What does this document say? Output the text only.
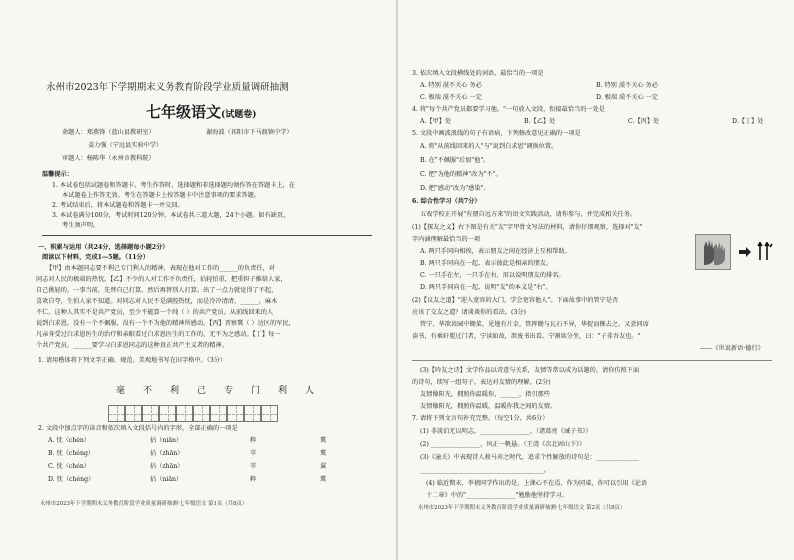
永州市2023年下学期期末义务教育阶段学业质量调研抽测
七年级语文(试题卷)
命题人：郑燕锋（蓝山县教研室）	谢海波（祁阳市下马渡镇中学）
姜力强（宁远县实验中学）
审题人：杨陈华（永州市教科院）
温馨提示：
1. 本试卷包括试题卷和答题卡。考生作答时，选择题和非选择题均须作答在答题卡上，在
本试题卷上作答无效。考生在答题卡上按答题卡中注意事项的要求答题。
2. 考试结束后，将本试题卷和答题卡一并交回。
3. 本试卷满分100分，考试时间120分钟。本试卷共三道大题，24个小题。如有缺页，
考生须声明。
一、积累与运用（共24分，选择题每小题2分）
阅读以下材料，完成1—5题。（11分）
【甲】由本题同志要不利己专门利人的精神，表现在他对工作的______的负责任，对
同志对人民的极端的热忱。【乙】不少的人对工作不负责任，拈轻怕重，把重担子推给人家，
自己挑轻的。一事当前，先替自己打算，然后再替别人打算。出了一点力就觉得了不起，
喜欢自夸，生怕人家不知道。对同志对人民不是满腔热忱，而是冷冷清清，______，麻木
不仁。这种人其实不是共产党员，至少不能算一个纯（ ）的共产党员。从前线回来的人
说到白求恩，没有一个不佩服，没有一个不为他的精神所感动。【丙】晋察冀（ ）边区的军民，
凡亲身受过白求恩医生的治疗和亲眼看过白求恩医生的工作的，无不为之感动。【丁】每一
个共产党员，______要学习白求恩同志的这种真正共产主义者的精神。
1. 请用楷体将下列文字正确、规范、美观地书写在田字格中。（3分）
毫不利己专门利人
2. 文段中加点字的读音和依次填入文段括号内的字形，全部正确的一项是
A. 忱（chén）	拈（niān）	粹	冀
B. 忱（chéng）	拈（zhān）	萃	冀
C. 忱（chén）	拈（zhān）	萃	翼
D. 忱（chéng）	拈（niān）	粹	冀
永州市2023年下学期期末义务教育阶段学业质量调研抽测·七年级语文 第1页（共8页）
3. 依次填入文段横线处的词语，最恰当的一项是
A. 特别 漠不关心 务必	B. 特别 漠不关心 务必
C. 极端 漠不关心 一定	D. 极端 漠不关心 一定
4. 将"每个共产党员都要学习他。"一句放入文段，衔接最恰当的一处是
A.【甲】处	B.【乙】处	C.【丙】处	D.【丁】处
5. 文段中画波浪线的句子有语病，下列修改意见正确的一项是
A. 将"从前线回来的人"与"说到白求恩"调换位置。
B. 在"不佩服"后加"他"。
C. 把"为他的精神"改为"不"。
D. 把"感动"改为"感染"。
6. 综合性学习（共7分）
五戏学校正开展"有朋自远方来"的语文实践活动，请你参与，并完成相关任务。
(1)【探友之义】右下图是有关"友"字甲骨文写法的材料，请你仔细观察，选择对"友"
字内涵理解最恰当的一项
A. 两只手同向相挨，表示朋友之间在经济上互相帮助。
B. 两只手同向在一起，表示彼此是相亲的朋友。
C. 一只手在左，一只手在右，用以说明朋友的排名。
D. 两只手同向在一起，说明"友"的本义是"右"。
(2)【议友之道】"迎入宽容的大门，学会宽容他人"。下面故事中的管宁是否
应该了交友之道？请谈谈你的看法。(3分)
管宁、华歆共园中锄菜，见地有片金，管挥锄与瓦石不异，华捉而掷去之。又尝同席
读书，有乘轩冕过门者，宁读如故，歆废书出看。宁割席分坐，曰："子非吾友也。"
——《世说新语·德行》
(3)【吟友之诗】文学作品以诗意与关系，友情等常以成为话题的，请你仿照下面
的诗句，续写一组句子，表达对友情的理解。(2分)
友情像阳光，拥照你温暖你，______，指引那些
友情像阳光，拥照你温暖，温暖你我之间的友情。
7. 请将下列文言句补充完整。（每空1分，共6分）
(1) 非淡泊无以明志，________________。（诸葛亮《诫子书》）
(2) ________________，风正一帆悬。（王湾《次北固山下》）
(3)《潼关》中表现诗人骏马弃之时代，追求个性解放的诗句是：______________
________________________________________。
(4) 临近期末，李禧同学作出的是，上课心不在焉，作为同桌，你可以引用《论语
十二章》中的"________________"勉励他坚持学习。
永州市2023年下学期期末义务教育阶段学业质量调研抽测·七年级语文 第2页（共8页）
